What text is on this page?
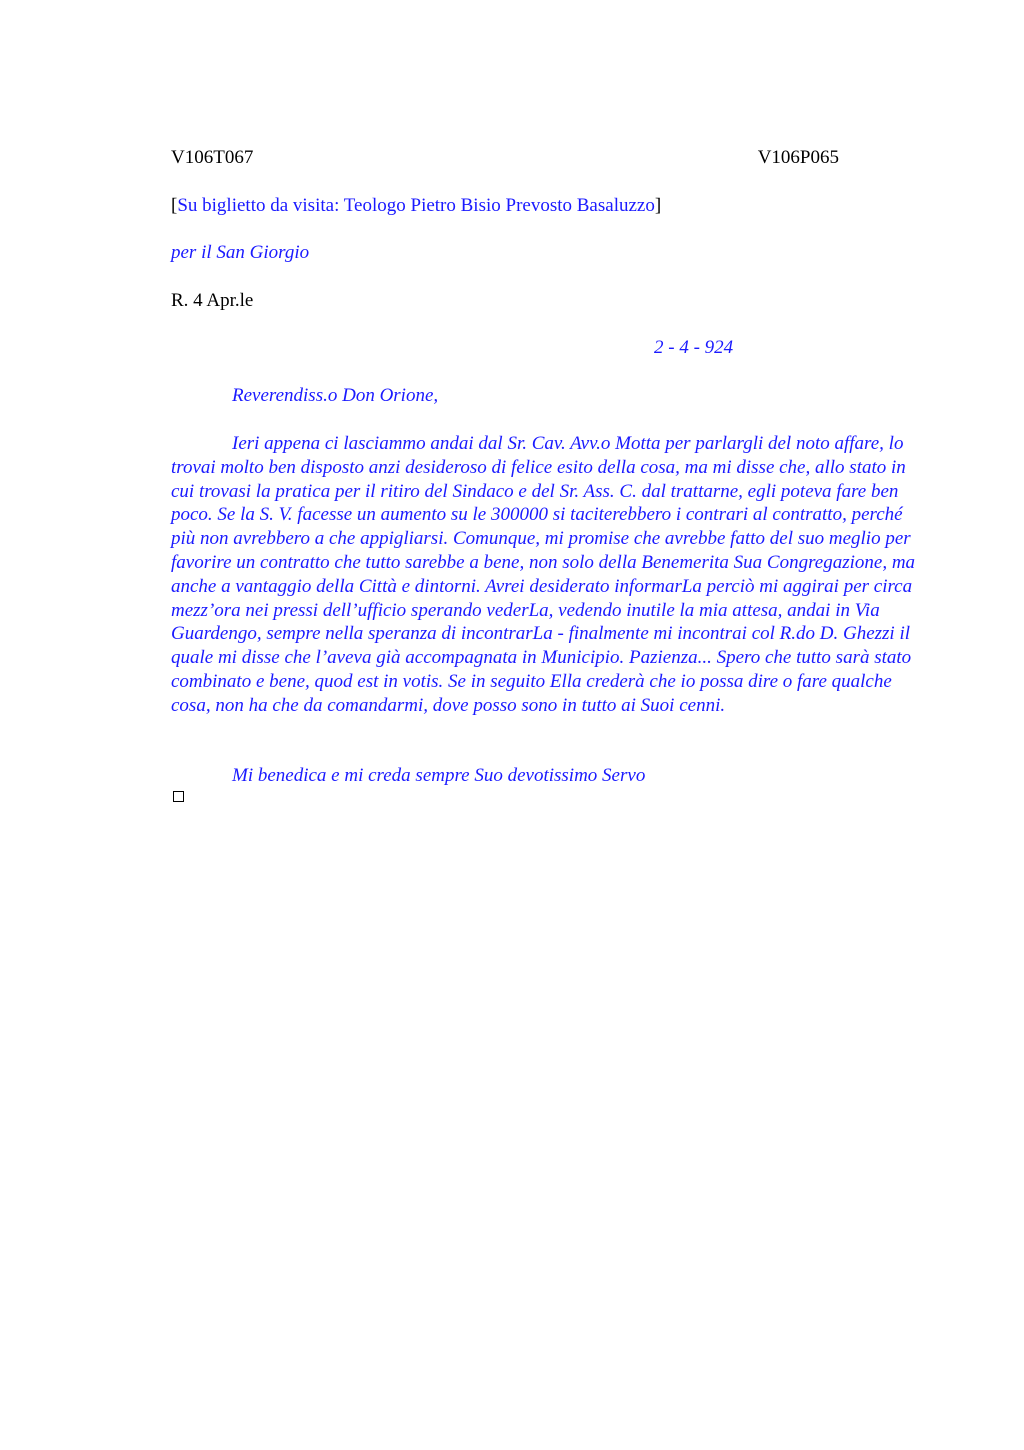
V106T067	V106P065
[Su biglietto da visita: Teologo Pietro Bisio Prevosto Basaluzzo]
per il San Giorgio
R. 4 Apr.le
2 - 4 - 924
Reverendiss.o Don Orione,

Ieri appena ci lasciammo andai dal Sr. Cav. Avv.o Motta per parlargli del noto affare, lo trovai molto ben disposto anzi desideroso di felice esito della cosa, ma mi disse che, allo stato in cui trovasi la pratica per il ritiro del Sindaco e del Sr. Ass. C. dal trattarne, egli poteva fare ben poco. Se la S. V. facesse un aumento su le 300000 si taciterebbero i contrari al contratto, perché più non avrebbero a che appigliarsi. Comunque, mi promise che avrebbe fatto del suo meglio per favorire un contratto che tutto sarebbe a bene, non solo della Benemerita Sua Congregazione, ma anche a vantaggio della Città e dintorni. Avrei desiderato informarLa perciò mi aggirai per circa mezz’ora nei pressi dell’ufficio sperando vederLa, vedendo inutile la mia attesa, andai in Via Guardengo, sempre nella speranza di incontrarLa - finalmente mi incontrai col R.do D. Ghezzi il quale mi disse che l’aveva già accompagnata in Municipio. Pazienza... Spero che tutto sarà stato combinato e bene, quod est in votis. Se in seguito Ella crederà che io possa dire o fare qualche cosa, non ha che da comandarmi, dove posso sono in tutto ai Suoi cenni.

Mi benedica e mi creda sempre Suo devotissimo Servo
